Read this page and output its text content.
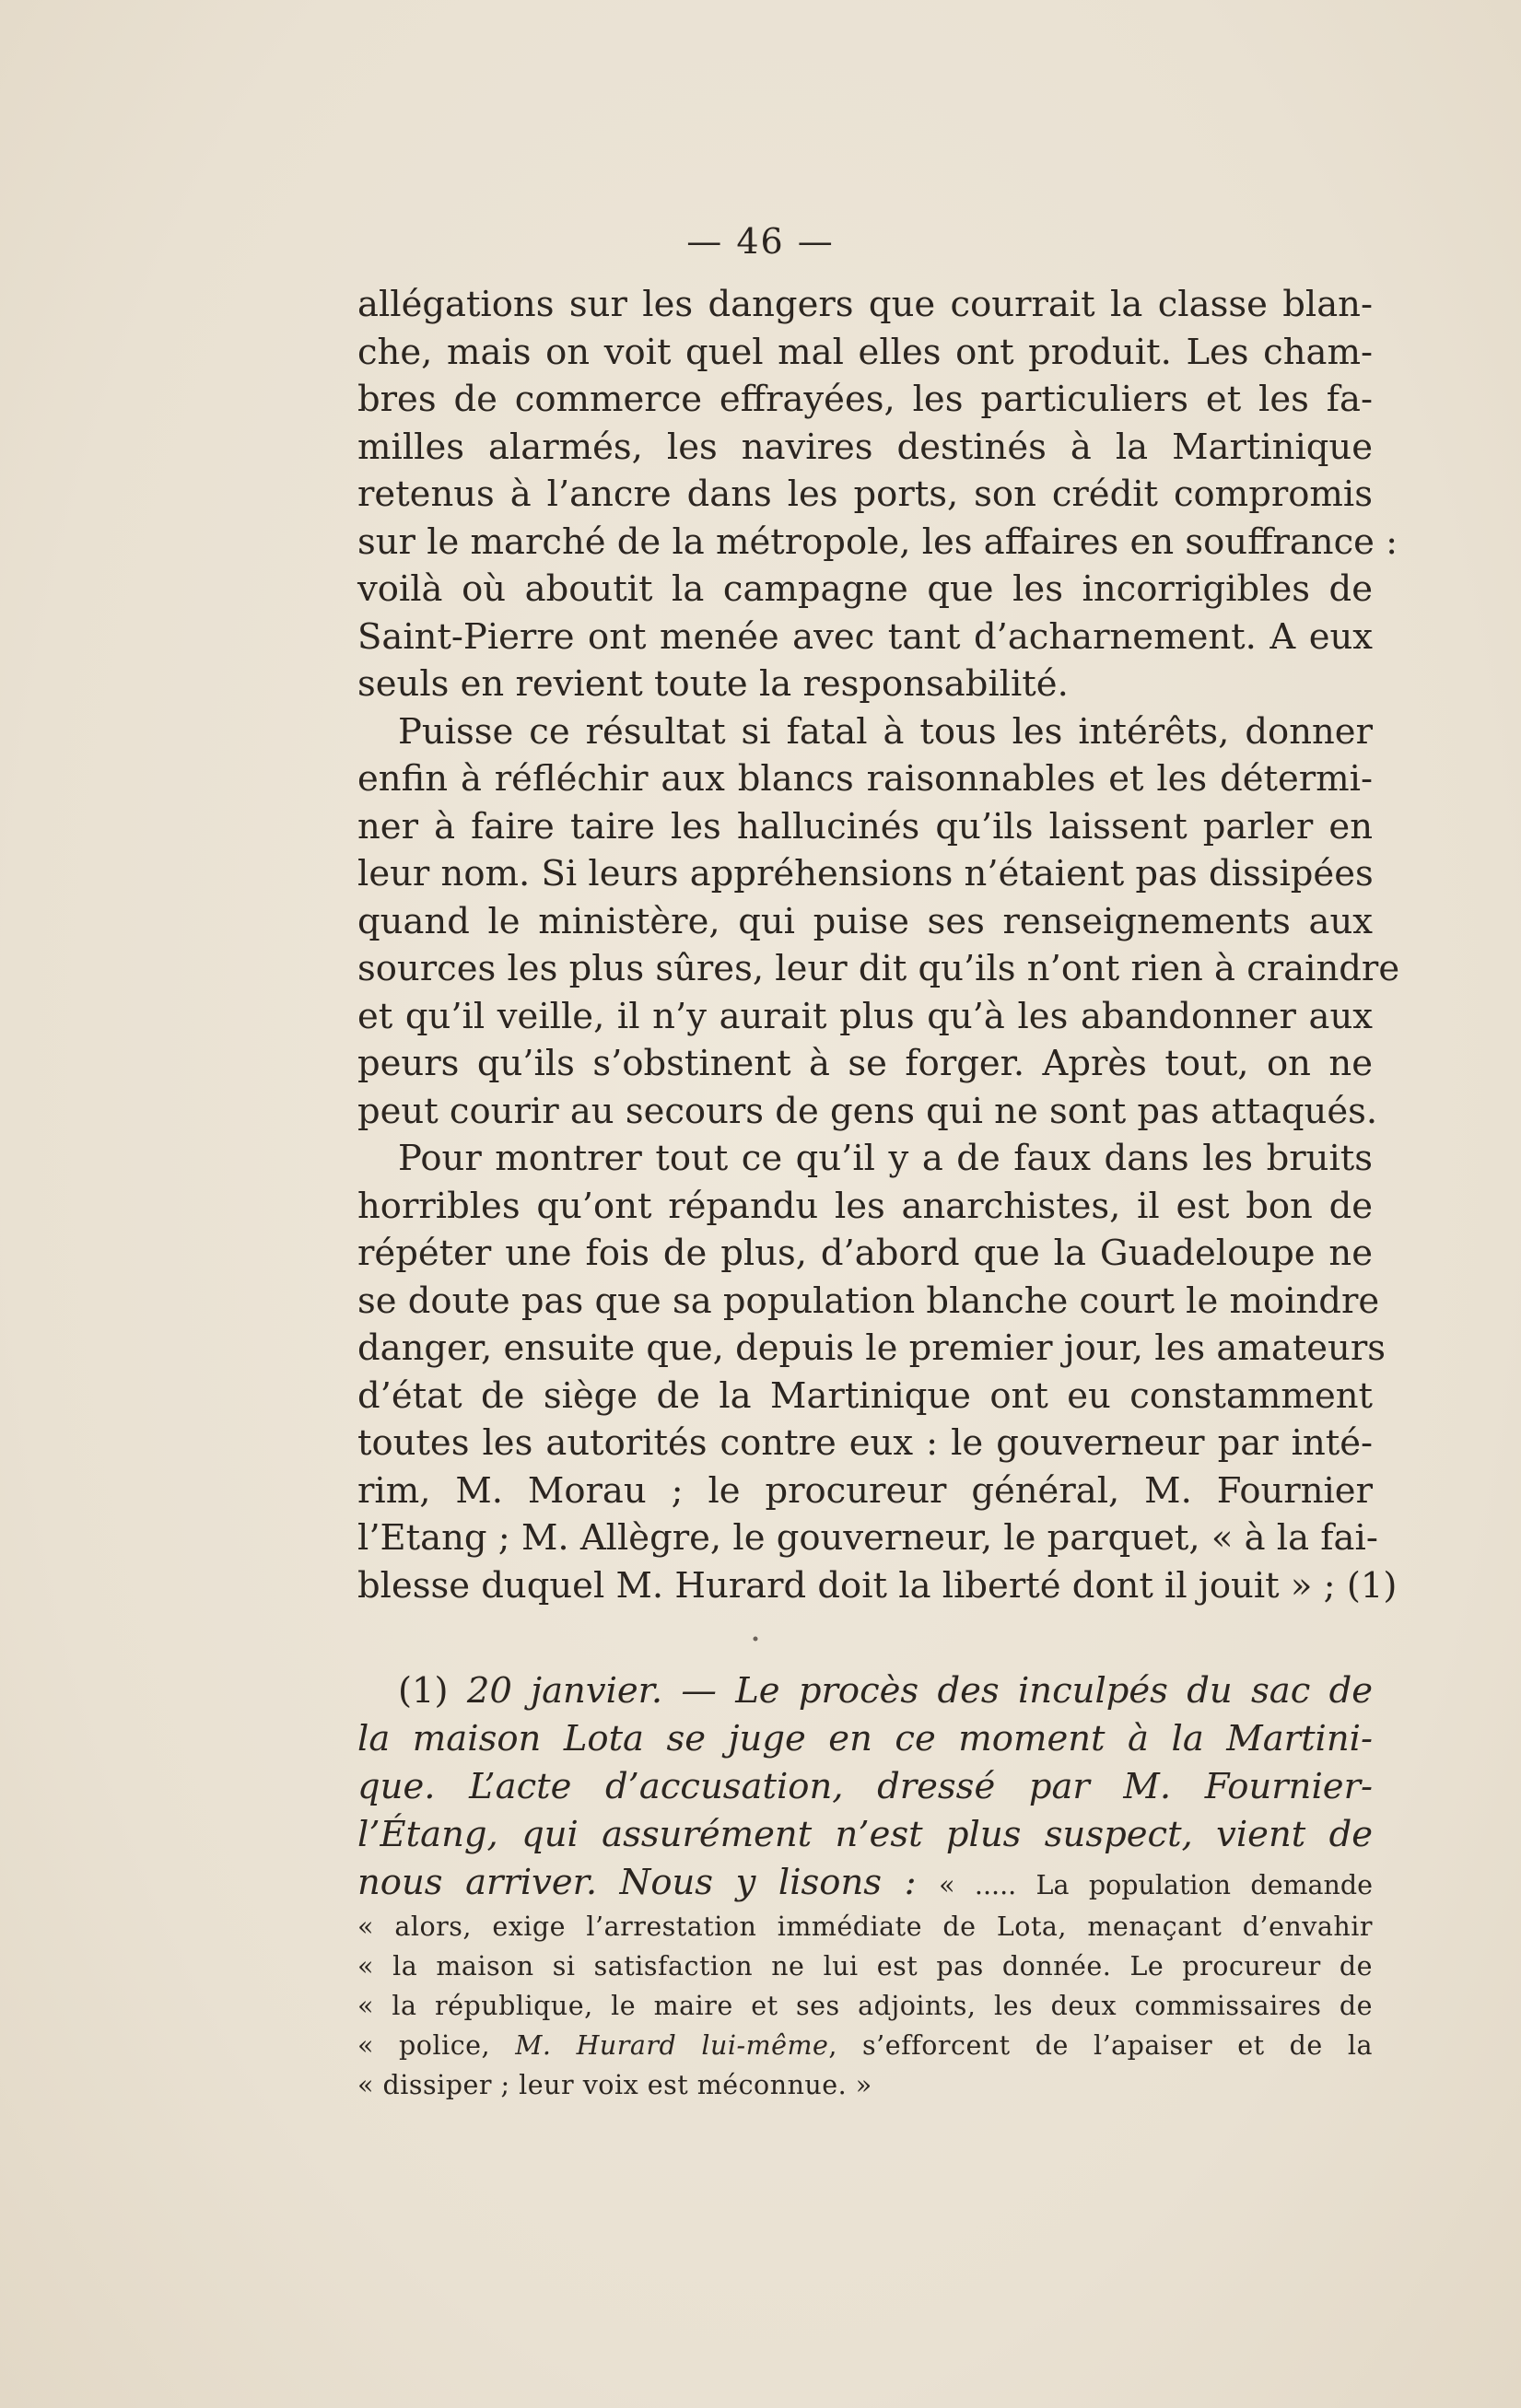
— 46 —
allégations sur les dangers que courrait la classe blan-
che, mais on voit quel mal elles ont produit. Les cham-
bres de commerce effrayées, les particuliers et les fa-
milles alarmés, les navires destinés à la Martinique
retenus à l’ancre dans les ports, son crédit compromis
sur le marché de la métropole, les affaires en souffrance :
voilà où aboutit la campagne que les incorrigibles de
Saint-Pierre ont menée avec tant d’acharnement. A eux
seuls en revient toute la responsabilité.
Puisse ce résultat si fatal à tous les intérêts, donner
enfin à réfléchir aux blancs raisonnables et les détermi-
ner à faire taire les hallucinés qu’ils laissent parler en
leur nom. Si leurs appréhensions n’étaient pas dissipées
quand le ministère, qui puise ses renseignements aux
sources les plus sûres, leur dit qu’ils n’ont rien à craindre
et qu’il veille, il n’y aurait plus qu’à les abandonner aux
peurs qu’ils s’obstinent à se forger. Après tout, on ne
peut courir au secours de gens qui ne sont pas attaqués.
Pour montrer tout ce qu’il y a de faux dans les bruits
horribles qu’ont répandu les anarchistes, il est bon de
répéter une fois de plus, d’abord que la Guadeloupe ne
se doute pas que sa population blanche court le moindre
danger, ensuite que, depuis le premier jour, les amateurs
d’état de siège de la Martinique ont eu constamment
toutes les autorités contre eux : le gouverneur par inté-
rim, M. Morau ; le procureur général, M. Fournier
l’Etang ; M. Allègre, le gouverneur, le parquet, « à la fai-
blesse duquel M. Hurard doit la liberté dont il jouit » ; (1)
(1) 20 janvier. — Le procès des inculpés du sac de
la maison Lota se juge en ce moment à la Martini-
que. L’acte d’accusation, dressé par M. Fournier-
l’Étang, qui assurément n’est plus suspect, vient de
nous arriver. Nous y lisons : « ..... La population demande
« alors, exige l’arrestation immédiate de Lota, menaçant d’envahir
« la maison si satisfaction ne lui est pas donnée. Le procureur de
« la république, le maire et ses adjoints, les deux commissaires de
« police, M. Hurard lui-même, s’efforcent de l’apaiser et de la
« dissiper ; leur voix est méconnue. »
